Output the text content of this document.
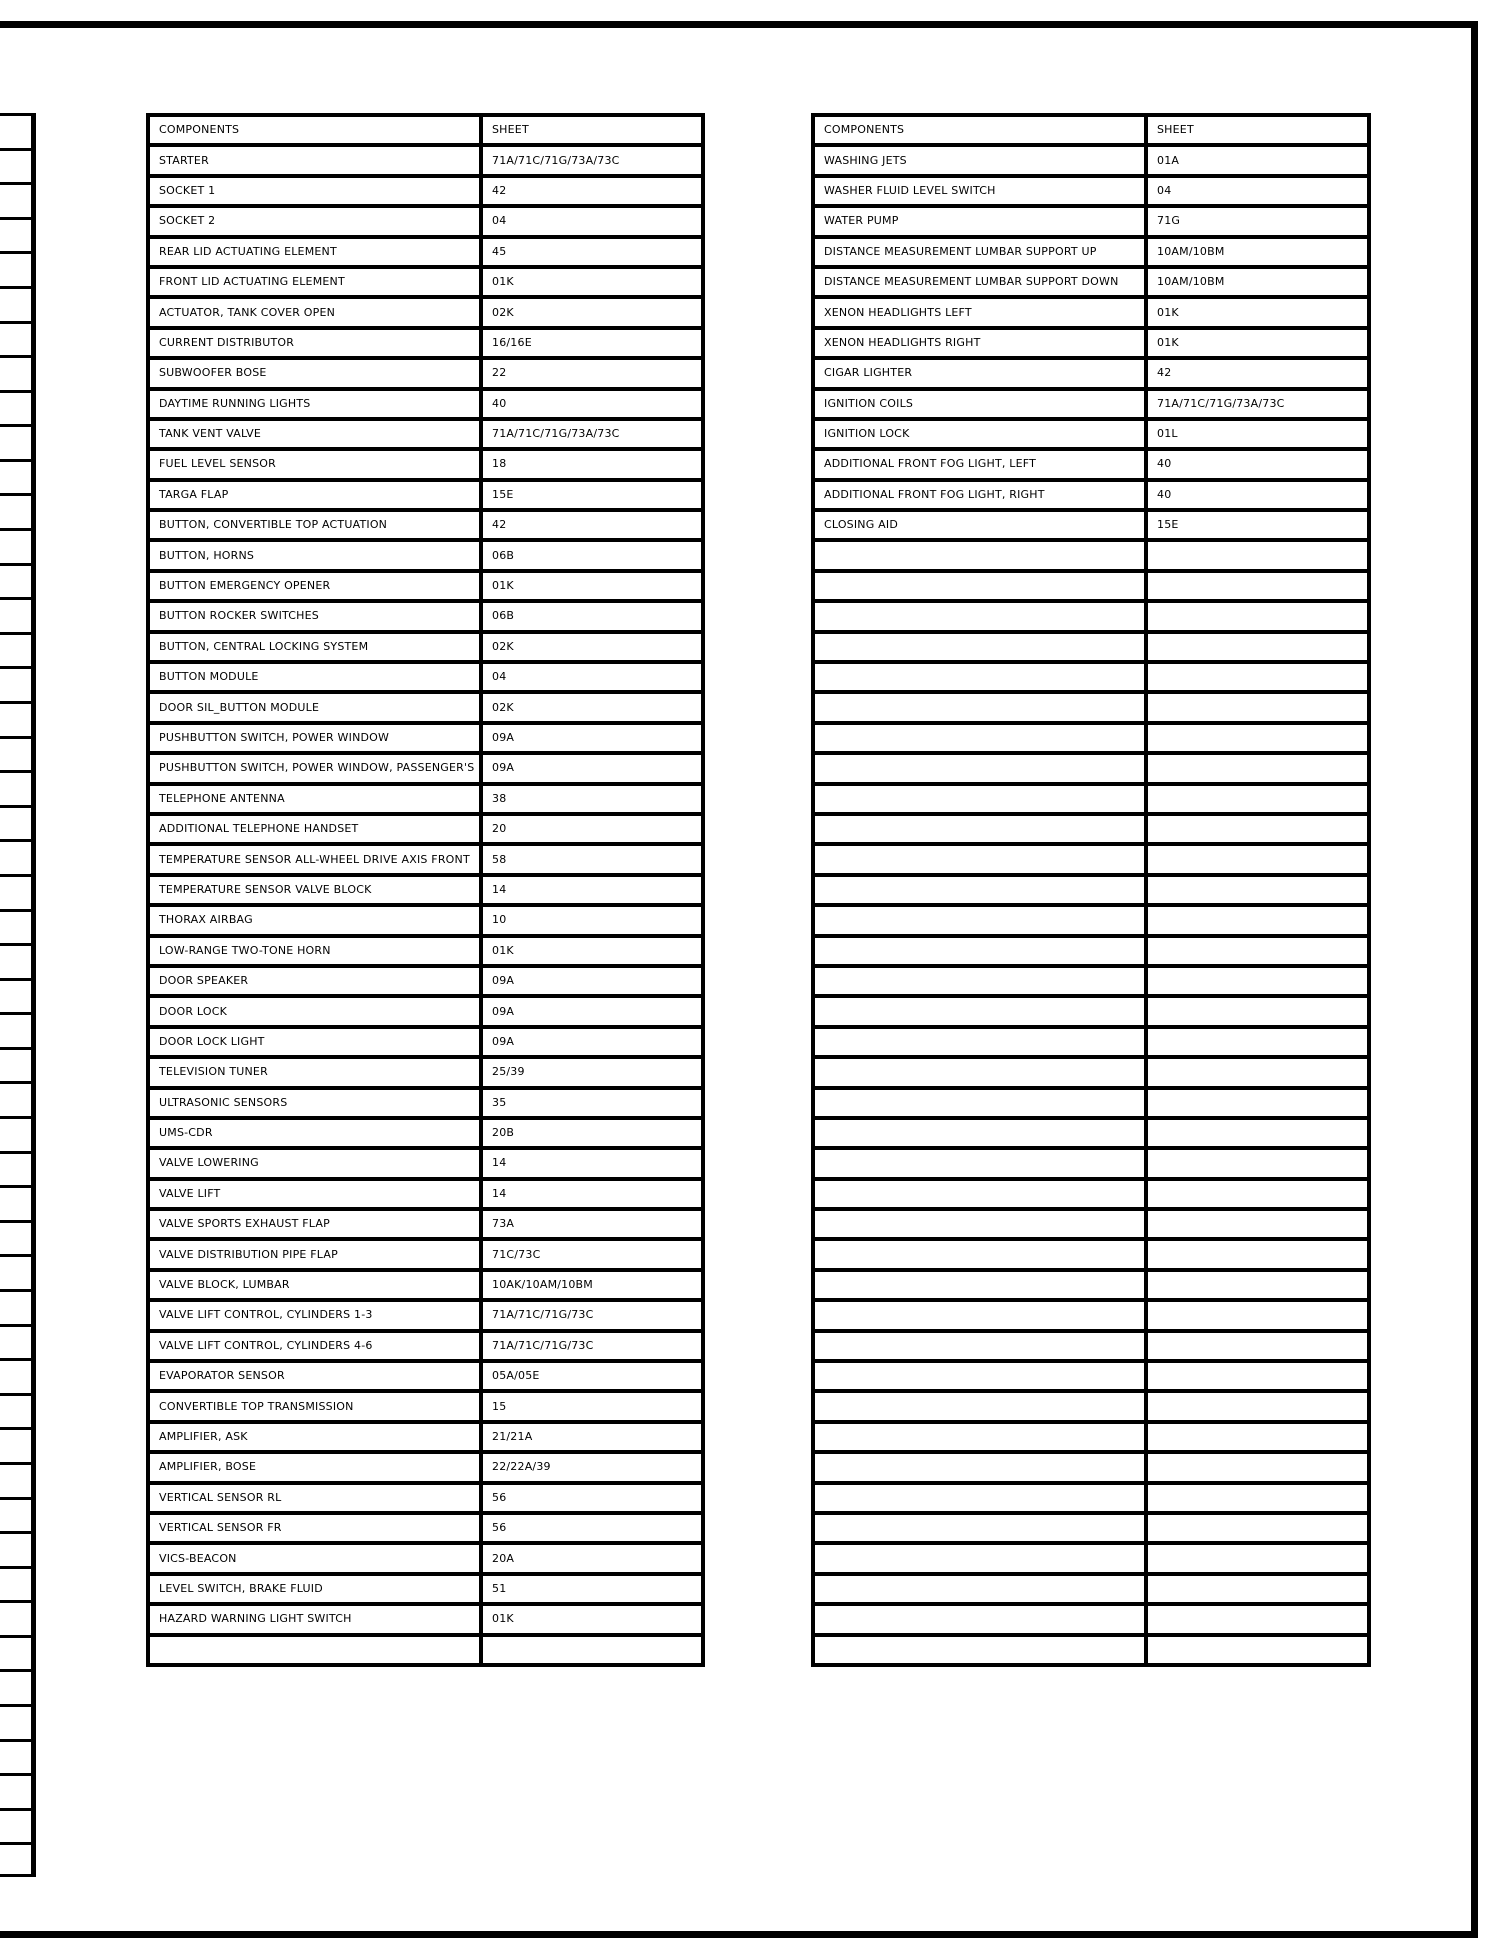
COMPONENTS	SHEET
STARTER	71A/71C/71G/73A/73C
SOCKET 1	42
SOCKET 2	04
REAR LID ACTUATING ELEMENT	45
FRONT LID ACTUATING ELEMENT	01K
ACTUATOR, TANK COVER OPEN	02K
CURRENT DISTRIBUTOR	16/16E
SUBWOOFER BOSE	22
DAYTIME RUNNING LIGHTS	40
TANK VENT VALVE	71A/71C/71G/73A/73C
FUEL LEVEL SENSOR	18
TARGA FLAP	15E
BUTTON, CONVERTIBLE TOP ACTUATION	42
BUTTON, HORNS	06B
BUTTON EMERGENCY OPENER	01K
BUTTON ROCKER SWITCHES	06B
BUTTON, CENTRAL LOCKING SYSTEM	02K
BUTTON MODULE	04
DOOR SIL_BUTTON MODULE	02K
PUSHBUTTON SWITCH, POWER WINDOW	09A
PUSHBUTTON SWITCH, POWER WINDOW, PASSENGER'S	09A
TELEPHONE ANTENNA	38
ADDITIONAL TELEPHONE HANDSET	20
TEMPERATURE SENSOR ALL-WHEEL DRIVE AXIS FRONT	58
TEMPERATURE SENSOR VALVE BLOCK	14
THORAX AIRBAG	10
LOW-RANGE TWO-TONE HORN	01K
DOOR SPEAKER	09A
DOOR LOCK	09A
DOOR LOCK LIGHT	09A
TELEVISION TUNER	25/39
ULTRASONIC SENSORS	35
UMS-CDR	20B
VALVE LOWERING	14
VALVE LIFT	14
VALVE SPORTS EXHAUST FLAP	73A
VALVE DISTRIBUTION PIPE FLAP	71C/73C
VALVE BLOCK, LUMBAR	10AK/10AM/10BM
VALVE LIFT CONTROL, CYLINDERS 1-3	71A/71C/71G/73C
VALVE LIFT CONTROL, CYLINDERS 4-6	71A/71C/71G/73C
EVAPORATOR SENSOR	05A/05E
CONVERTIBLE TOP TRANSMISSION	15
AMPLIFIER, ASK	21/21A
AMPLIFIER, BOSE	22/22A/39
VERTICAL SENSOR RL	56
VERTICAL SENSOR FR	56
VICS-BEACON	20A
LEVEL SWITCH, BRAKE FLUID	51
HAZARD WARNING LIGHT SWITCH	01K

COMPONENTS	SHEET
WASHING JETS	01A
WASHER FLUID LEVEL SWITCH	04
WATER PUMP	71G
DISTANCE MEASUREMENT LUMBAR SUPPORT UP	10AM/10BM
DISTANCE MEASUREMENT LUMBAR SUPPORT DOWN	10AM/10BM
XENON HEADLIGHTS LEFT	01K
XENON HEADLIGHTS RIGHT	01K
CIGAR LIGHTER	42
IGNITION COILS	71A/71C/71G/73A/73C
IGNITION LOCK	01L
ADDITIONAL FRONT FOG LIGHT, LEFT	40
ADDITIONAL FRONT FOG LIGHT, RIGHT	40
CLOSING AID	15E
